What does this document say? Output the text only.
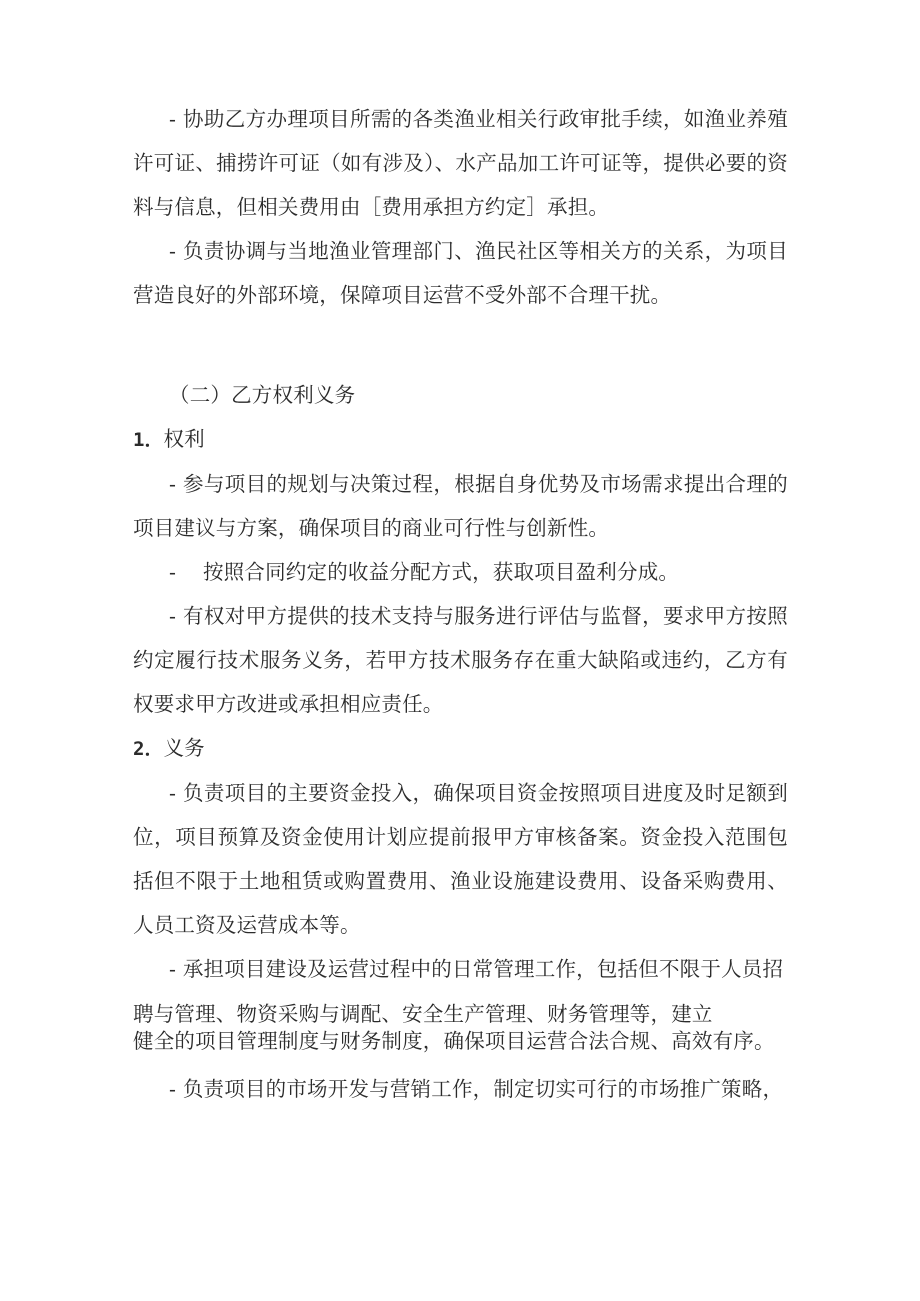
- 协助乙方办理项目所需的各类渔业相关行政审批手续，如渔业养殖许可证、捕捞许可证（如有涉及）、水产品加工许可证等，提供必要的资料与信息，但相关费用由［费用承担方约定］承担。

- 负责协调与当地渔业管理部门、渔民社区等相关方的关系，为项目营造良好的外部环境，保障项目运营不受外部不合理干扰。

（二）乙方权利义务

1．权利

- 参与项目的规划与决策过程，根据自身优势及市场需求提出合理的项目建议与方案，确保项目的商业可行性与创新性。

-    按照合同约定的收益分配方式，获取项目盈利分成。

- 有权对甲方提供的技术支持与服务进行评估与监督，要求甲方按照约定履行技术服务义务，若甲方技术服务存在重大缺陷或违约，乙方有权要求甲方改进或承担相应责任。

2．义务

- 负责项目的主要资金投入，确保项目资金按照项目进度及时足额到位，项目预算及资金使用计划应提前报甲方审核备案。资金投入范围包括但不限于土地租赁或购置费用、渔业设施建设费用、设备采购费用、人员工资及运营成本等。

- 承担项目建设及运营过程中的日常管理工作，包括但不限于人员招
聘与管理、物资采购与调配、安全生产管理、财务管理等，建立
健全的项目管理制度与财务制度，确保项目运营合法合规、高效有序。

- 负责项目的市场开发与营销工作，制定切实可行的市场推广策略，
